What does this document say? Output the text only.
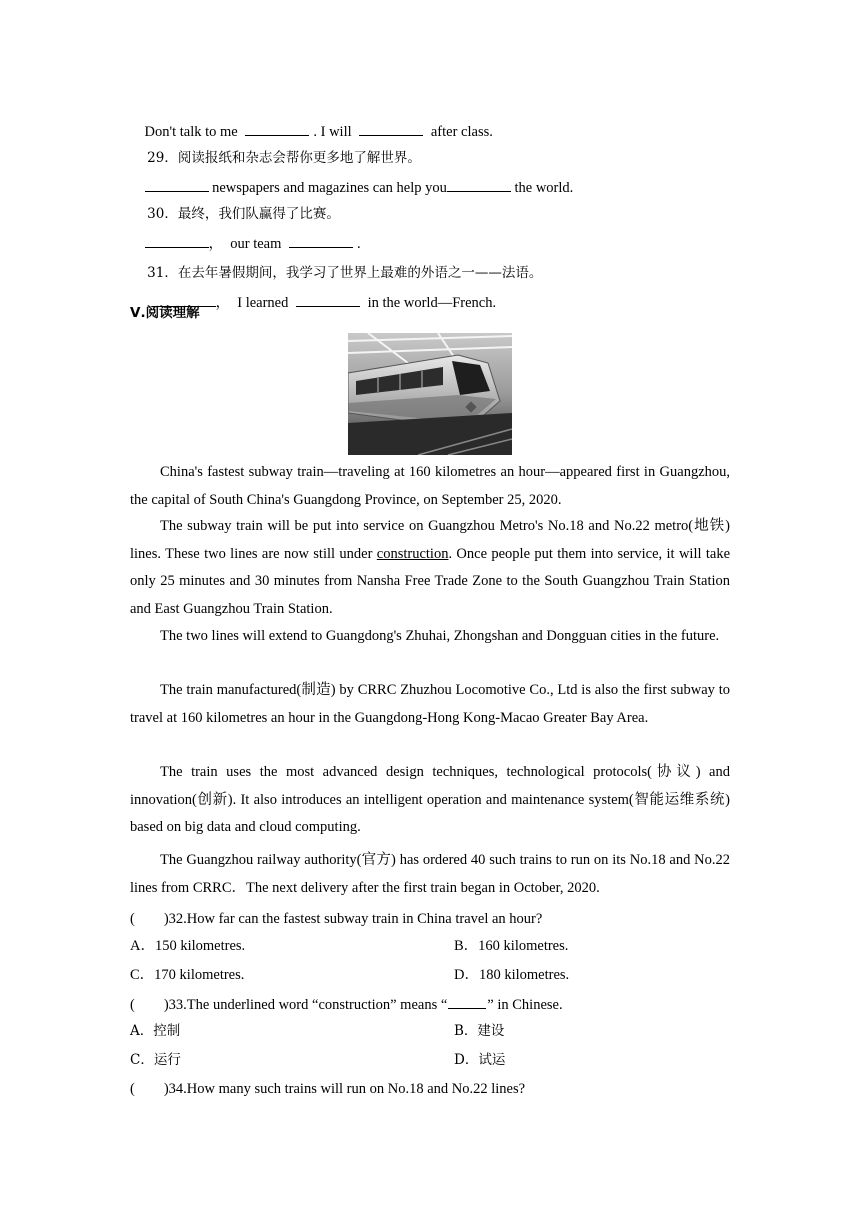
Don't talk to me	. I will	after class.

29．阅读报纸和杂志会帮你更多地了解世界。

newspapers and magazines can help you	the world.

30．最终，我们队赢得了比赛。

，  our team	.

31．在去年暑假期间，我学习了世界上最难的外语之一——法语。

，  I learned	in the world—French.

Ⅴ.阅读理解
China's fastest subway train—traveling at 160 kilometres an hour—appeared first in Guangzhou, the capital of South China's Guangdong Province, on September 25, 2020.
The subway train will be put into service on Guangzhou Metro's No.18 and No.22 metro(地铁) lines. These two lines are now still under construction. Once people put them into service, it will take only 25 minutes and 30 minutes from Nansha Free Trade Zone to the South Guangzhou Train Station and East Guangzhou Train Station.
The two lines will extend to Guangdong's Zhuhai, Zhongshan and Dongguan cities in the future.
The train manufactured(制造) by CRRC Zhuzhou Locomotive Co., Ltd is also the first subway to travel at 160 kilometres an hour in the Guangdong-Hong Kong-Macao Greater Bay Area.
The train uses the most advanced design techniques, technological protocols(协议) and innovation(创新). It also introduces an intelligent operation and maintenance system(智能运维系统) based on big data and cloud computing.
The Guangzhou railway authority(官方) has ordered 40 such trains to run on its No.18 and No.22 lines from CRRC．The next delivery after the first train began in October, 2020.
(　　)32.How far can the fastest subway train in China travel an hour?
A．150 kilometres.	B．160 kilometres.
C．170 kilometres.	D．180 kilometres.
(　　)33.The underlined word “construction” means “	” in Chinese.
A．控制	B．建设
C．运行	D．试运
(　　)34.How many such trains will run on No.18 and No.22 lines?
